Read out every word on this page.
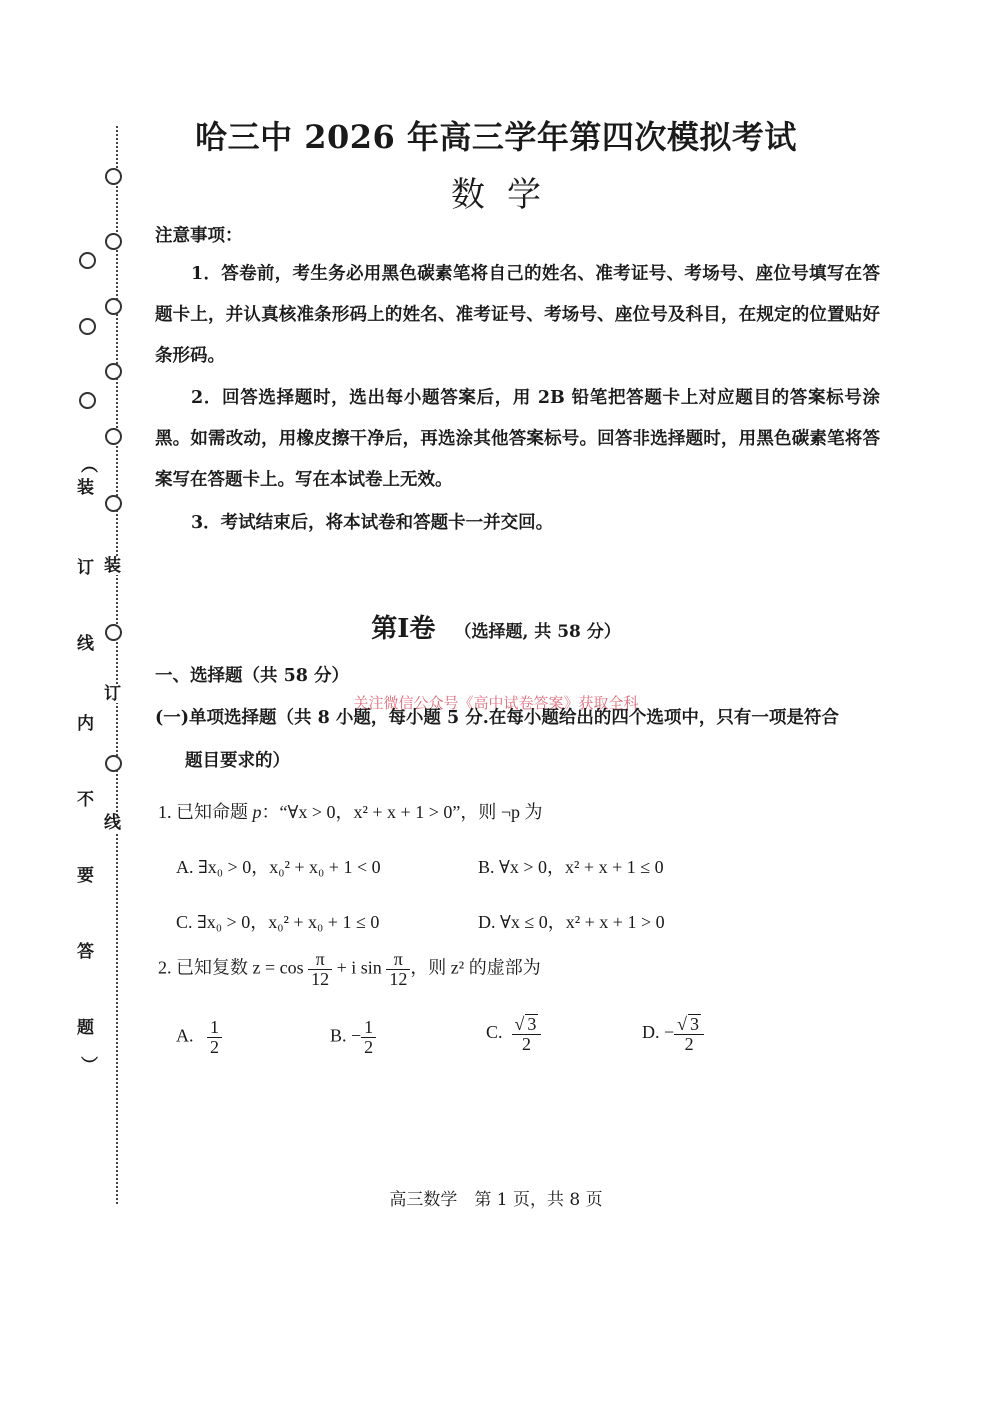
（
装
订
线
内
不
要
答
题
）
装
订
线
哈三中 2026 年高三学年第四次模拟考试
数学
注意事项：
1．答卷前，考生务必用黑色碳素笔将自己的姓名、准考证号、考场号、座位号填写在答题卡上，并认真核准条形码上的姓名、准考证号、考场号、座位号及科目，在规定的位置贴好条形码。
2．回答选择题时，选出每小题答案后，用 2B 铅笔把答题卡上对应题目的答案标号涂黑。如需改动，用橡皮擦干净后，再选涂其他答案标号。回答非选择题时，用黑色碳素笔将答案写在答题卡上。写在本试卷上无效。
3．考试结束后，将本试卷和答题卡一并交回。
第Ⅰ卷 （选择题, 共 58 分）
一、选择题（共 58 分）
关注微信公众号《高中试卷答案》获取全科
(一)单项选择题（共 8 小题，每小题 5 分.在每小题给出的四个选项中，只有一项是符合
题目要求的）
1. 已知命题 p：“∀x > 0，x² + x + 1 > 0”，则 ¬p 为
A. ∃x₀ > 0，x₀² + x₀ + 1 < 0	B. ∀x > 0，x² + x + 1 ≤ 0
C. ∃x₀ > 0，x₀² + x₀ + 1 ≤ 0	D. ∀x ≤ 0，x² + x + 1 > 0
2. 已知复数 $z = \cos \frac{\pi}{12} + i$ $\sin \frac{\pi}{12}$ ，则 z² 的虚部为
A. $\frac{1}{2}$	B. − $\frac{1}{2}$	C. $\frac{√ 3}{2}$	D. − $\frac{√ 3}{2}$
高三数学　第 1 页，共 8 页
